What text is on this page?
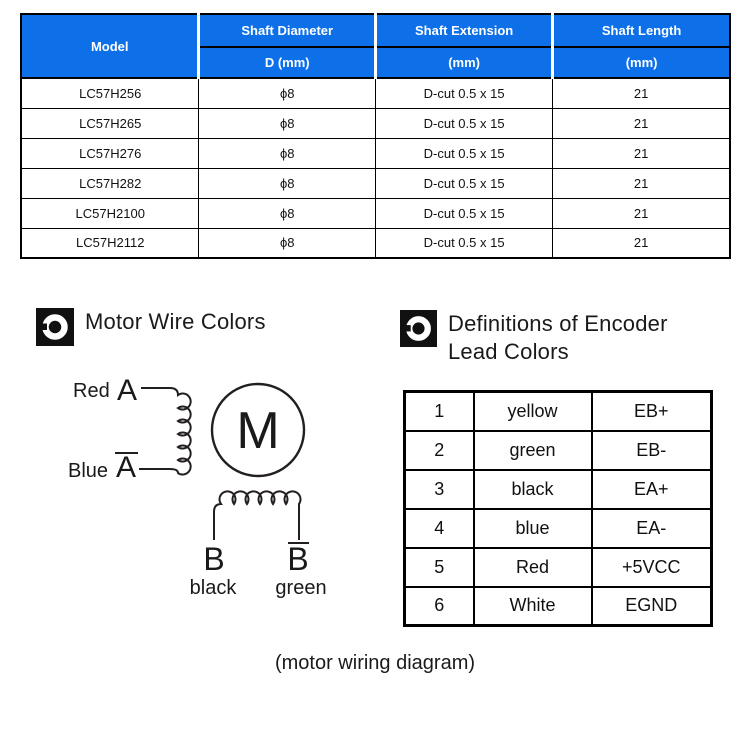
Model	Shaft Diameter	Shaft Extension	Shaft Length
	D (mm)	(mm)	(mm)
LC57H256	ϕ8	D-cut 0.5 x 15	21
LC57H265	ϕ8	D-cut 0.5 x 15	21
LC57H276	ϕ8	D-cut 0.5 x 15	21
LC57H282	ϕ8	D-cut 0.5 x 15	21
LC57H2100	ϕ8	D-cut 0.5 x 15	21
LC57H2112	ϕ8	D-cut 0.5 x 15	21
Motor Wire Colors	Definitions of Encoder
Lead Colors
Red A
Blue A
M
B B
black green
1	yellow	EB+
2	green	EB-
3	black	EA+
4	blue	EA-
5	Red	+5VCC
6	White	EGND
(motor wiring diagram)
